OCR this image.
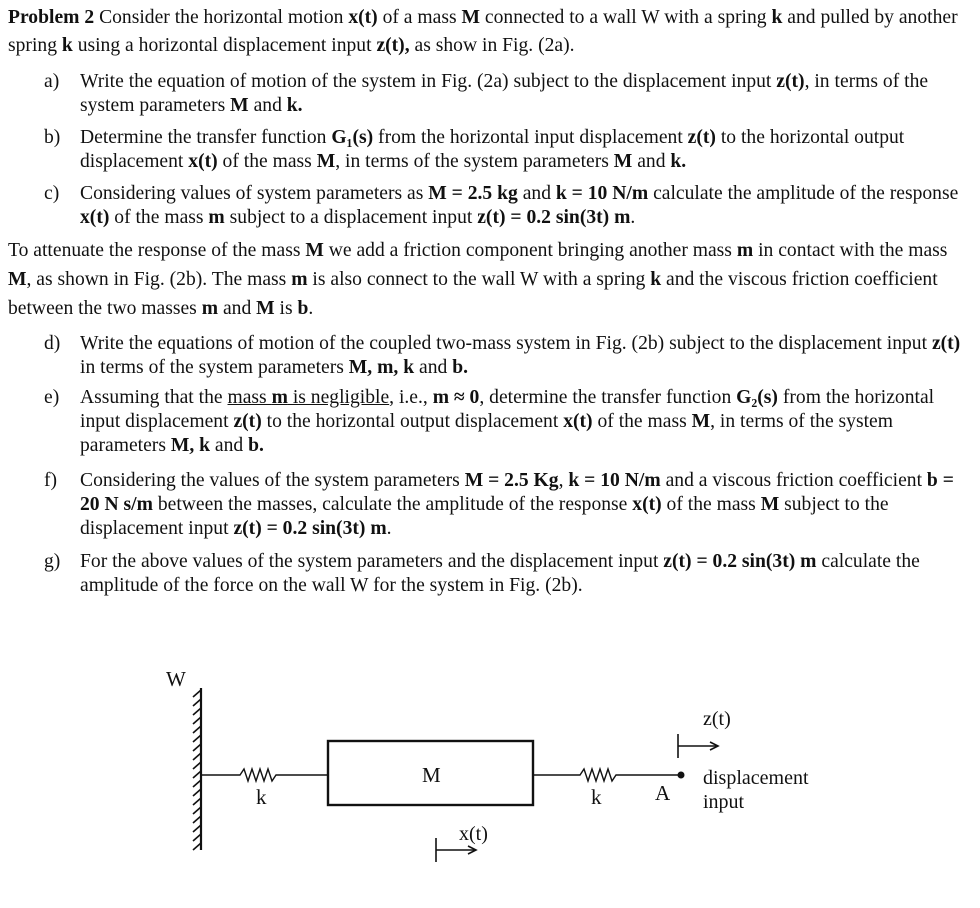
Problem 2 Consider the horizontal motion x(t) of a mass M connected to a wall W with a spring k and pulled by another spring k using a horizontal displacement input z(t), as show in Fig. (2a).

a)	Write the equation of motion of the system in Fig. (2a) subject to the displacement input z(t), in terms of the system parameters M and k.
b)	Determine the transfer function G₁(s) from the horizontal input displacement z(t) to the horizontal output displacement x(t) of the mass M, in terms of the system parameters M and k.
c)	Considering values of system parameters as M = 2.5 kg and k = 10 N/m calculate the amplitude of the response x(t) of the mass m subject to a displacement input z(t) = 0.2 sin(3t) m.

To attenuate the response of the mass M we add a friction component bringing another mass m in contact with the mass M, as shown in Fig. (2b). The mass m is also connect to the wall W with a spring k and the viscous friction coefficient between the two masses m and M is b.

d)	Write the equations of motion of the coupled two-mass system in Fig. (2b) subject to the displacement input z(t) in terms of the system parameters M, m, k and b.
e)	Assuming that the mass m is negligible, i.e., m ≈ 0, determine the transfer function G₂(s) from the horizontal input displacement z(t) to the horizontal output displacement x(t) of the mass M, in terms of the system parameters M, k and b.
f)	Considering the values of the system parameters M = 2.5 Kg, k = 10 N/m and a viscous friction coefficient b = 20 N s/m between the masses, calculate the amplitude of the response x(t) of the mass M subject to the displacement input z(t) = 0.2 sin(3t) m.
g)	For the above values of the system parameters and the displacement input z(t) = 0.2 sin(3t) m calculate the amplitude of the force on the wall W for the system in Fig. (2b).
W
k
M
k	A
z(t)
displacement
input
x(t)
